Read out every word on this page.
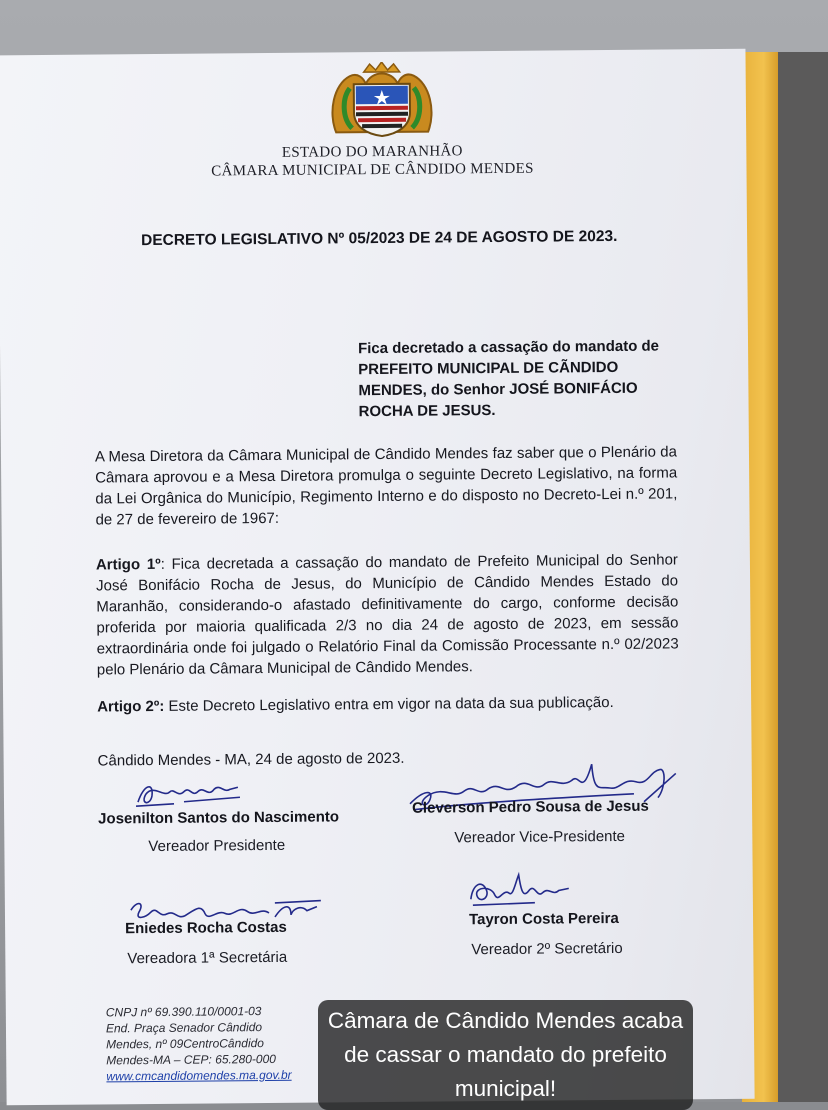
ESTADO DO MARANHÃO
CÂMARA MUNICIPAL DE CÂNDIDO MENDES
DECRETO LEGISLATIVO Nº 05/2023 DE 24 DE AGOSTO DE 2023.
Fica decretado a cassação do mandato de
PREFEITO MUNICIPAL DE CÃNDIDO
MENDES, do Senhor JOSÉ BONIFÁCIO
ROCHA DE JESUS.
A Mesa Diretora da Câmara Municipal de Cândido Mendes faz saber que o Plenário da Câmara aprovou e a Mesa Diretora promulga o seguinte Decreto Legislativo, na forma da Lei Orgânica do Município, Regimento Interno e do disposto no Decreto-Lei n.º 201, de 27 de fevereiro de 1967:
Artigo 1º: Fica decretada a cassação do mandato de Prefeito Municipal do Senhor José Bonifácio Rocha de Jesus, do Município de Cândido Mendes Estado do Maranhão, considerando-o afastado definitivamente do cargo, conforme decisão proferida por maioria qualificada 2/3 no dia 24 de agosto de 2023, em sessão extraordinária onde foi julgado o Relatório Final da Comissão Processante n.º 02/2023 pelo Plenário da Câmara Municipal de Cândido Mendes.
Artigo 2º: Este Decreto Legislativo entra em vigor na data da sua publicação.
Cândido Mendes - MA, 24 de agosto de 2023.
Josenilton Santos do Nascimento
Vereador Presidente
Cleverson Pedro Sousa de Jesus
Vereador Vice-Presidente
Eniedes Rocha Costas
Vereadora 1ª Secretária
Tayron Costa Pereira
Vereador 2º Secretário
CNPJ nº 69.390.110/0001-03
End. Praça Senador Cândido
Mendes, nº 09CentroCândido
Mendes-MA – CEP: 65.280-000
www.cmcandidomendes.ma.gov.br
Câmara de Cândido Mendes acaba
de cassar o mandato do prefeito
municipal!
